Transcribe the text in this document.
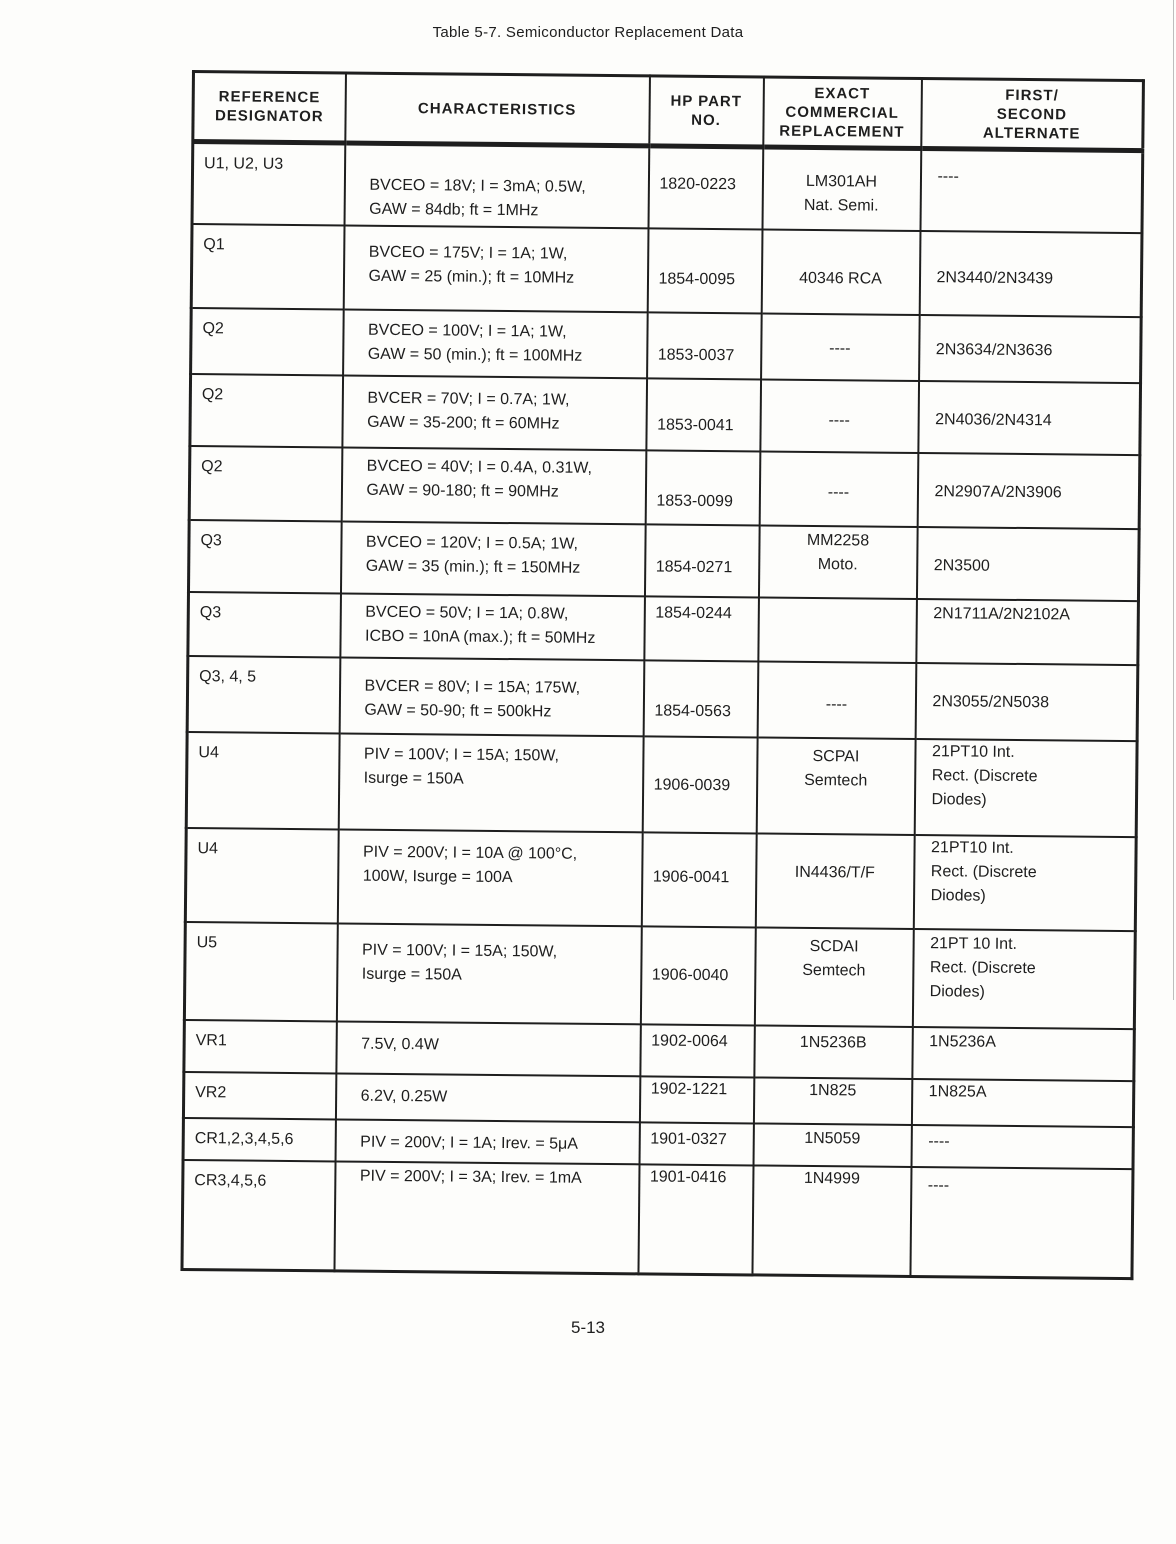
Table 5-7. Semiconductor Replacement Data
REFERENCE
DESIGNATOR	CHARACTERISTICS	HP PART
NO.	EXACT
COMMERCIAL
REPLACEMENT	FIRST/
SECOND
ALTERNATE

U1, U2, U3	BVCEO = 18V; I = 3mA; 0.5W,
GAW = 84db; ft = 1MHz	1820-0223	LM301AH
Nat. Semi.	----

Q1	BVCEO = 175V; I = 1A; 1W,
GAW = 25 (min.); ft = 10MHz	1854-0095	40346 RCA	2N3440/2N3439

Q2	BVCEO = 100V; I = 1A; 1W,
GAW = 50 (min.); ft = 100MHz	1853-0037	----	2N3634/2N3636

Q2	BVCER = 70V; I = 0.7A; 1W,
GAW = 35-200; ft = 60MHz	1853-0041	----	2N4036/2N4314

Q2	BVCEO = 40V; I = 0.4A, 0.31W,
GAW = 90-180; ft = 90MHz	1853-0099	----	2N2907A/2N3906

Q3	BVCEO = 120V; I = 0.5A; 1W,
GAW = 35 (min.); ft = 150MHz	1854-0271	MM2258
Moto.	2N3500

Q3	BVCEO = 50V; I = 1A; 0.8W,
ICBO = 10nA (max.); ft = 50MHz	1854-0244		2N1711A/2N2102A

Q3, 4, 5	BVCER = 80V; I = 15A; 175W,
GAW = 50-90; ft = 500kHz	1854-0563	----	2N3055/2N5038

U4	PIV = 100V; I = 15A; 150W,
Isurge = 150A	1906-0039	SCPAI
Semtech	21PT10 Int.
Rect. (Discrete
Diodes)

U4	PIV = 200V; I = 10A @ 100°C,
100W, Isurge = 100A	1906-0041	IN4436/T/F	21PT10 Int.
Rect. (Discrete
Diodes)

U5	PIV = 100V; I = 15A; 150W,
Isurge = 150A	1906-0040	SCDAI
Semtech	21PT 10 Int.
Rect. (Discrete
Diodes)

VR1	7.5V, 0.4W	1902-0064	1N5236B	1N5236A

VR2	6.2V, 0.25W	1902-1221	1N825	1N825A

CR1,2,3,4,5,6	PIV = 200V; I = 1A; Irev. = 5μA	1901-0327	1N5059	----

CR3,4,5,6	PIV = 200V; I = 3A; Irev. = 1mA	1901-0416	1N4999	----
5-13
